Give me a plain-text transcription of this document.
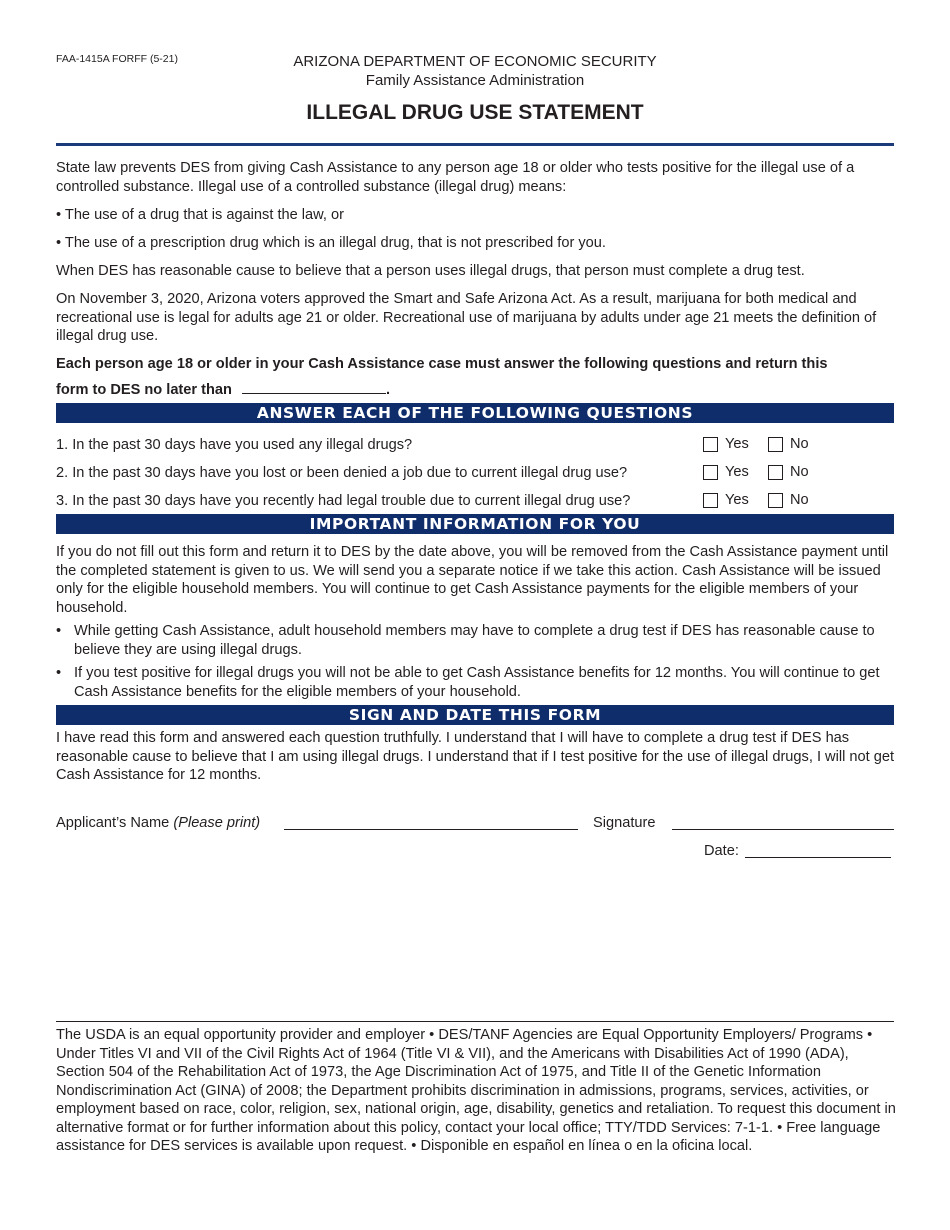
FAA-1415A FORFF (5-21)	ARIZONA DEPARTMENT OF ECONOMIC SECURITY
Family Assistance Administration
ILLEGAL DRUG USE STATEMENT
State law prevents DES from giving Cash Assistance to any person age 18 or older who tests positive for the illegal use of a controlled substance. Illegal use of a controlled substance (illegal drug) means:
• The use of a drug that is against the law, or
• The use of a prescription drug which is an illegal drug, that is not prescribed for you.
When DES has reasonable cause to believe that a person uses illegal drugs, that person must complete a drug test.
On November 3, 2020, Arizona voters approved the Smart and Safe Arizona Act. As a result, marijuana for both medical and recreational use is legal for adults age 21 or older. Recreational use of marijuana by adults under age 21 meets the definition of illegal drug use.
Each person age 18 or older in your Cash Assistance case must answer the following questions and return this
form to DES no later than	.
ANSWER EACH OF THE FOLLOWING QUESTIONS
1. In the past 30 days have you used any illegal drugs?	Yes	No
2. In the past 30 days have you lost or been denied a job due to current illegal drug use?	Yes	No
3. In the past 30 days have you recently had legal trouble due to current illegal drug use?	Yes	No
IMPORTANT INFORMATION FOR YOU
If you do not fill out this form and return it to DES by the date above, you will be removed from the Cash Assistance payment until the completed statement is given to us. We will send you a separate notice if we take this action. Cash Assistance will be issued only for the eligible household members. You will continue to get Cash Assistance payments for the eligible members of your household.
• While getting Cash Assistance, adult household members may have to complete a drug test if DES has reasonable cause to believe they are using illegal drugs.
• If you test positive for illegal drugs you will not be able to get Cash Assistance benefits for 12 months. You will continue to get Cash Assistance benefits for the eligible members of your household.
SIGN AND DATE THIS FORM
I have read this form and answered each question truthfully. I understand that I will have to complete a drug test if DES has reasonable cause to believe that I am using illegal drugs. I understand that if I test positive for the use of illegal drugs, I will not get Cash Assistance for 12 months.
Applicant’s Name (Please print)	Signature
Date:
The USDA is an equal opportunity provider and employer • DES/TANF Agencies are Equal Opportunity Employers/ Programs • Under Titles VI and VII of the Civil Rights Act of 1964 (Title VI & VII), and the Americans with Disabilities Act of 1990 (ADA), Section 504 of the Rehabilitation Act of 1973, the Age Discrimination Act of 1975, and Title II of the Genetic Information Nondiscrimination Act (GINA) of 2008; the Department prohibits discrimination in admissions, programs, services, activities, or employment based on race, color, religion, sex, national origin, age, disability, genetics and retaliation. To request this document in alternative format or for further information about this policy, contact your local office; TTY/TDD Services: 7-1-1. • Free language assistance for DES services is available upon request. • Disponible en español en línea o en la oficina local.
